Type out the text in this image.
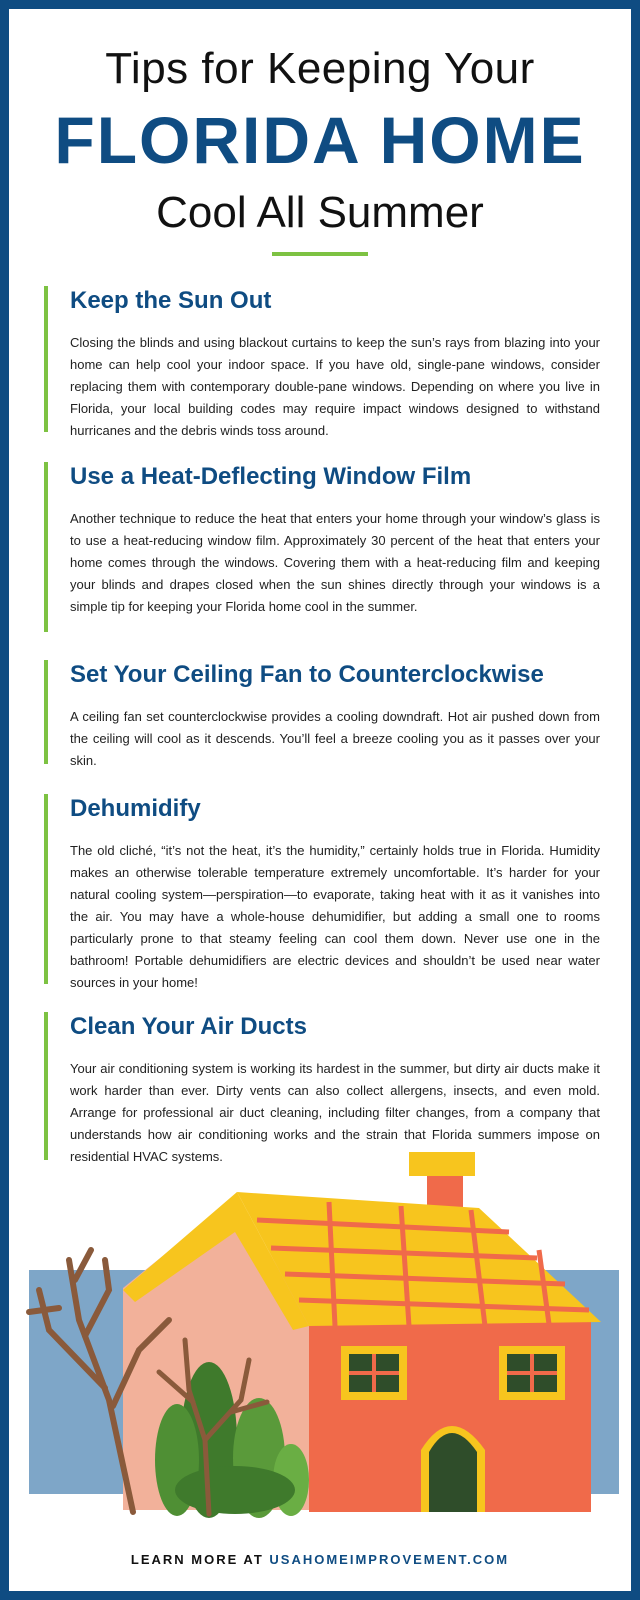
Tips for Keeping Your
FLORIDA HOME
Cool All Summer
Keep the Sun Out
Closing the blinds and using blackout curtains to keep the sun’s rays from blazing into your home can help cool your indoor space. If you have old, single-pane windows, consider replacing them with contemporary double-pane windows. Depending on where you live in Florida, your local building codes may require impact windows designed to withstand hurricanes and the debris winds toss around.
Use a Heat-Deflecting Window Film
Another technique to reduce the heat that enters your home through your window’s glass is to use a heat-reducing window film. Approximately 30 percent of the heat that enters your home comes through the windows. Covering them with a heat-reducing film and keeping your blinds and drapes closed when the sun shines directly through your windows is a simple tip for keeping your Florida home cool in the summer.
Set Your Ceiling Fan to Counterclockwise
A ceiling fan set counterclockwise provides a cooling downdraft. Hot air pushed down from the ceiling will cool as it descends. You’ll feel a breeze cooling you as it passes over your skin.
Dehumidify
The old cliché, “it’s not the heat, it’s the humidity,” certainly holds true in Florida. Humidity makes an otherwise tolerable temperature extremely uncomfortable. It’s harder for your natural cooling system—perspiration—to evaporate, taking heat with it as it vanishes into the air. You may have a whole-house dehumidifier, but adding a small one to rooms particularly prone to that steamy feeling can cool them down. Never use one in the bathroom! Portable dehumidifiers are electric devices and shouldn’t be used near water sources in your home!
Clean Your Air Ducts
Your air conditioning system is working its hardest in the summer, but dirty air ducts make it work harder than ever. Dirty vents can also collect allergens, insects, and even mold. Arrange for professional air duct cleaning, including filter changes, from a company that understands how air conditioning works and the strain that Florida summers impose on residential HVAC systems.
LEARN MORE AT USAHOMEIMPROVEMENT.COM
